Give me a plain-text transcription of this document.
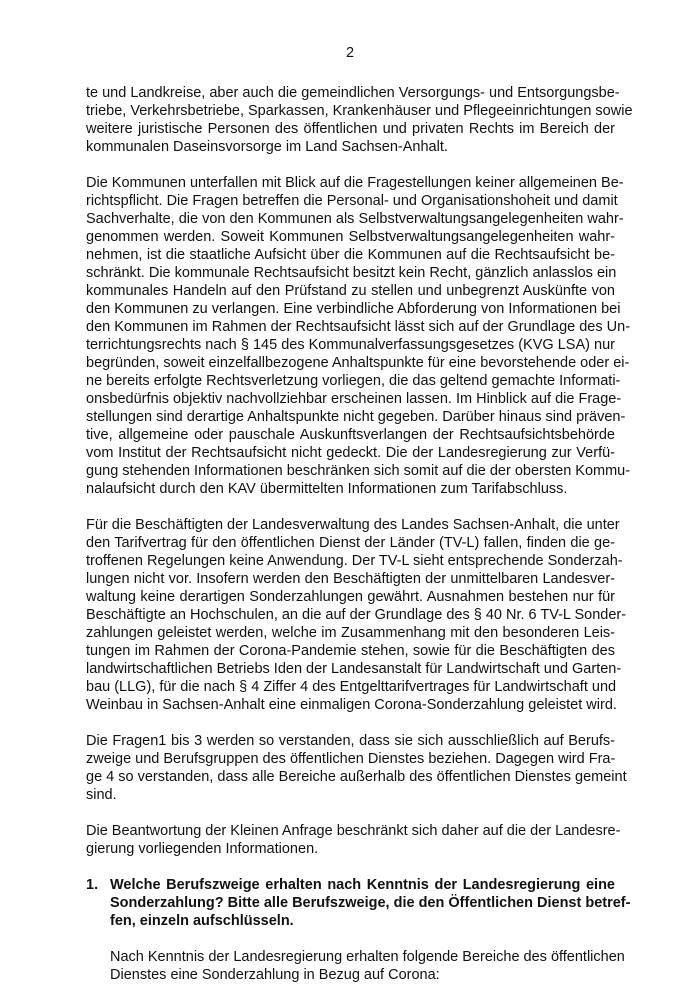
2
te und Landkreise, aber auch die gemeindlichen Versorgungs- und Entsorgungsbe-
triebe, Verkehrsbetriebe, Sparkassen, Krankenhäuser und Pflegeeinrichtungen sowie
weitere juristische Personen des öffentlichen und privaten Rechts im Bereich der
kommunalen Daseinsvorsorge im Land Sachsen-Anhalt.
Die Kommunen unterfallen mit Blick auf die Fragestellungen keiner allgemeinen Be-
richtspflicht. Die Fragen betreffen die Personal- und Organisationshoheit und damit
Sachverhalte, die von den Kommunen als Selbstverwaltungsangelegenheiten wahr-
genommen werden. Soweit Kommunen Selbstverwaltungsangelegenheiten wahr-
nehmen, ist die staatliche Aufsicht über die Kommunen auf die Rechtsaufsicht be-
schränkt. Die kommunale Rechtsaufsicht besitzt kein Recht, gänzlich anlasslos ein
kommunales Handeln auf den Prüfstand zu stellen und unbegrenzt Auskünfte von
den Kommunen zu verlangen. Eine verbindliche Abforderung von Informationen bei
den Kommunen im Rahmen der Rechtsaufsicht lässt sich auf der Grundlage des Un-
terrichtungsrechts nach § 145 des Kommunalverfassungsgesetzes (KVG LSA) nur
begründen, soweit einzelfallbezogene Anhaltspunkte für eine bevorstehende oder ei-
ne bereits erfolgte Rechtsverletzung vorliegen, die das geltend gemachte Informati-
onsbedürfnis objektiv nachvollziehbar erscheinen lassen. Im Hinblick auf die Frage-
stellungen sind derartige Anhaltspunkte nicht gegeben. Darüber hinaus sind präven-
tive, allgemeine oder pauschale Auskunftsverlangen der Rechtsaufsichtsbehörde
vom Institut der Rechtsaufsicht nicht gedeckt. Die der Landesregierung zur Verfü-
gung stehenden Informationen beschränken sich somit auf die der obersten Kommu-
nalaufsicht durch den KAV übermittelten Informationen zum Tarifabschluss.
Für die Beschäftigten der Landesverwaltung des Landes Sachsen-Anhalt, die unter
den Tarifvertrag für den öffentlichen Dienst der Länder (TV-L) fallen, finden die ge-
troffenen Regelungen keine Anwendung. Der TV-L sieht entsprechende Sonderzah-
lungen nicht vor. Insofern werden den Beschäftigten der unmittelbaren Landesver-
waltung keine derartigen Sonderzahlungen gewährt. Ausnahmen bestehen nur für
Beschäftigte an Hochschulen, an die auf der Grundlage des § 40 Nr. 6 TV-L Sonder-
zahlungen geleistet werden, welche im Zusammenhang mit den besonderen Leis-
tungen im Rahmen der Corona-Pandemie stehen, sowie für die Beschäftigten des
landwirtschaftlichen Betriebs Iden der Landesanstalt für Landwirtschaft und Garten-
bau (LLG), für die nach § 4 Ziffer 4 des Entgelttarifvertrages für Landwirtschaft und
Weinbau in Sachsen-Anhalt eine einmaligen Corona-Sonderzahlung geleistet wird.
Die Fragen1 bis 3 werden so verstanden, dass sie sich ausschließlich auf Berufs-
zweige und Berufsgruppen des öffentlichen Dienstes beziehen. Dagegen wird Fra-
ge 4 so verstanden, dass alle Bereiche außerhalb des öffentlichen Dienstes gemeint
sind.
Die Beantwortung der Kleinen Anfrage beschränkt sich daher auf die der Landesre-
gierung vorliegenden Informationen.
1. Welche Berufszweige erhalten nach Kenntnis der Landesregierung eine
Sonderzahlung? Bitte alle Berufszweige, die den Öffentlichen Dienst betref-
fen, einzeln aufschlüsseln.
Nach Kenntnis der Landesregierung erhalten folgende Bereiche des öffentlichen
Dienstes eine Sonderzahlung in Bezug auf Corona:
